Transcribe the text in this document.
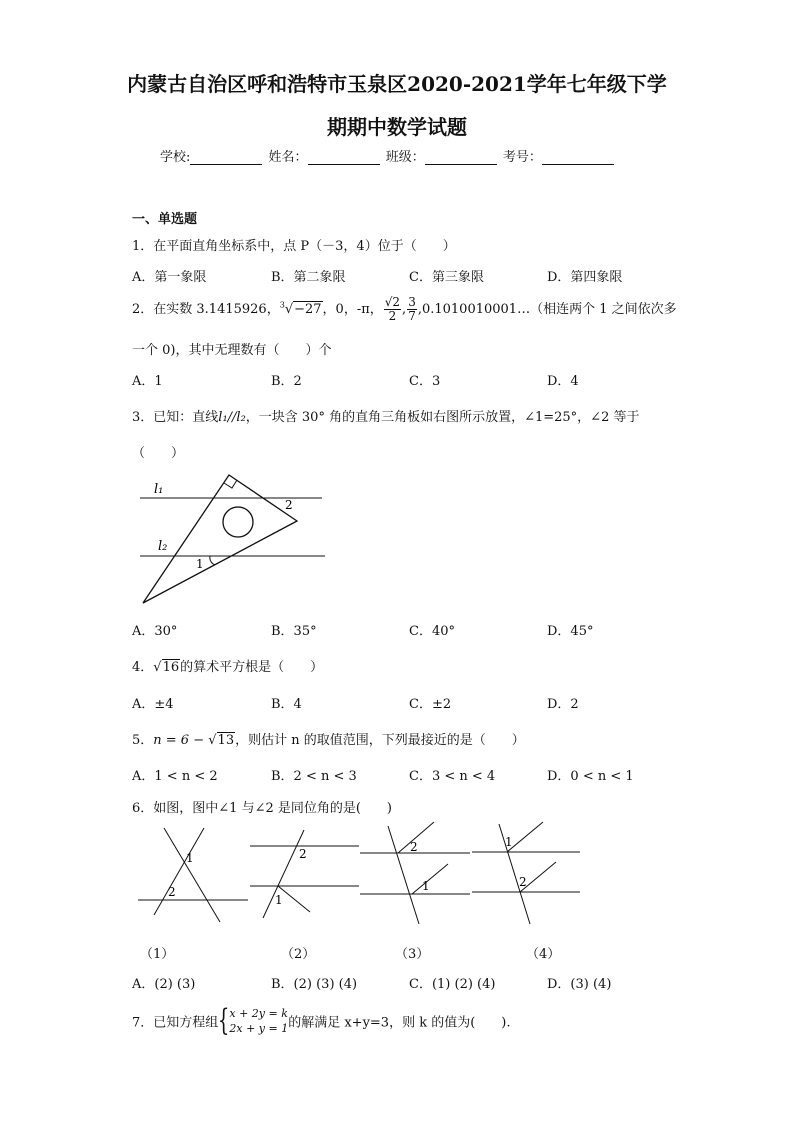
内蒙古自治区呼和浩特市玉泉区2020-2021学年七年级下学
期期中数学试题
学校:	姓名：	班级：	考号：
一、单选题
1．在平面直角坐标系中，点 P（－3，4）位于（　　）
A．第一象限	B．第二象限	C．第三象限	D．第四象限
2．在实数 3.1415926，$^3$√−27，0，-π， $\frac{√2}{2}$ , $\frac{3}{7}$ ,0.1010010001…（相连两个 1 之间依次多
一个 0)，其中无理数有（　　）个
A．1	B．2	C．3	D．4
3．已知：直线l₁//l₂，一块含 30° 角的直角三角板如右图所示放置，∠1=25°，∠2 等于
（　　）
l₁
l₂
1
2
A．30°	B．35°	C．40°	D．45°
4．√16的算术平方根是（　　）
A．±4	B．4	C．±2	D．2
5．n = 6 − √13，则估计 n 的取值范围，下列最接近的是（　　）
A．1 < n < 2	B．2 < n < 3	C．3 < n < 4	D．0 < n < 1
6．如图，图中∠1 与∠2 是同位角的是(　　)
1
2
2
1
2
1
1
2
（1）	（2）	（3）	（4）
A．(2) (3)	B．(2) (3) (4)	C．(1) (2) (4)	D．(3) (4)
7．已知方程组{ x + 2y = k
2x + y = 1 的解满足 x+y=3，则 k 的值为(　　).
